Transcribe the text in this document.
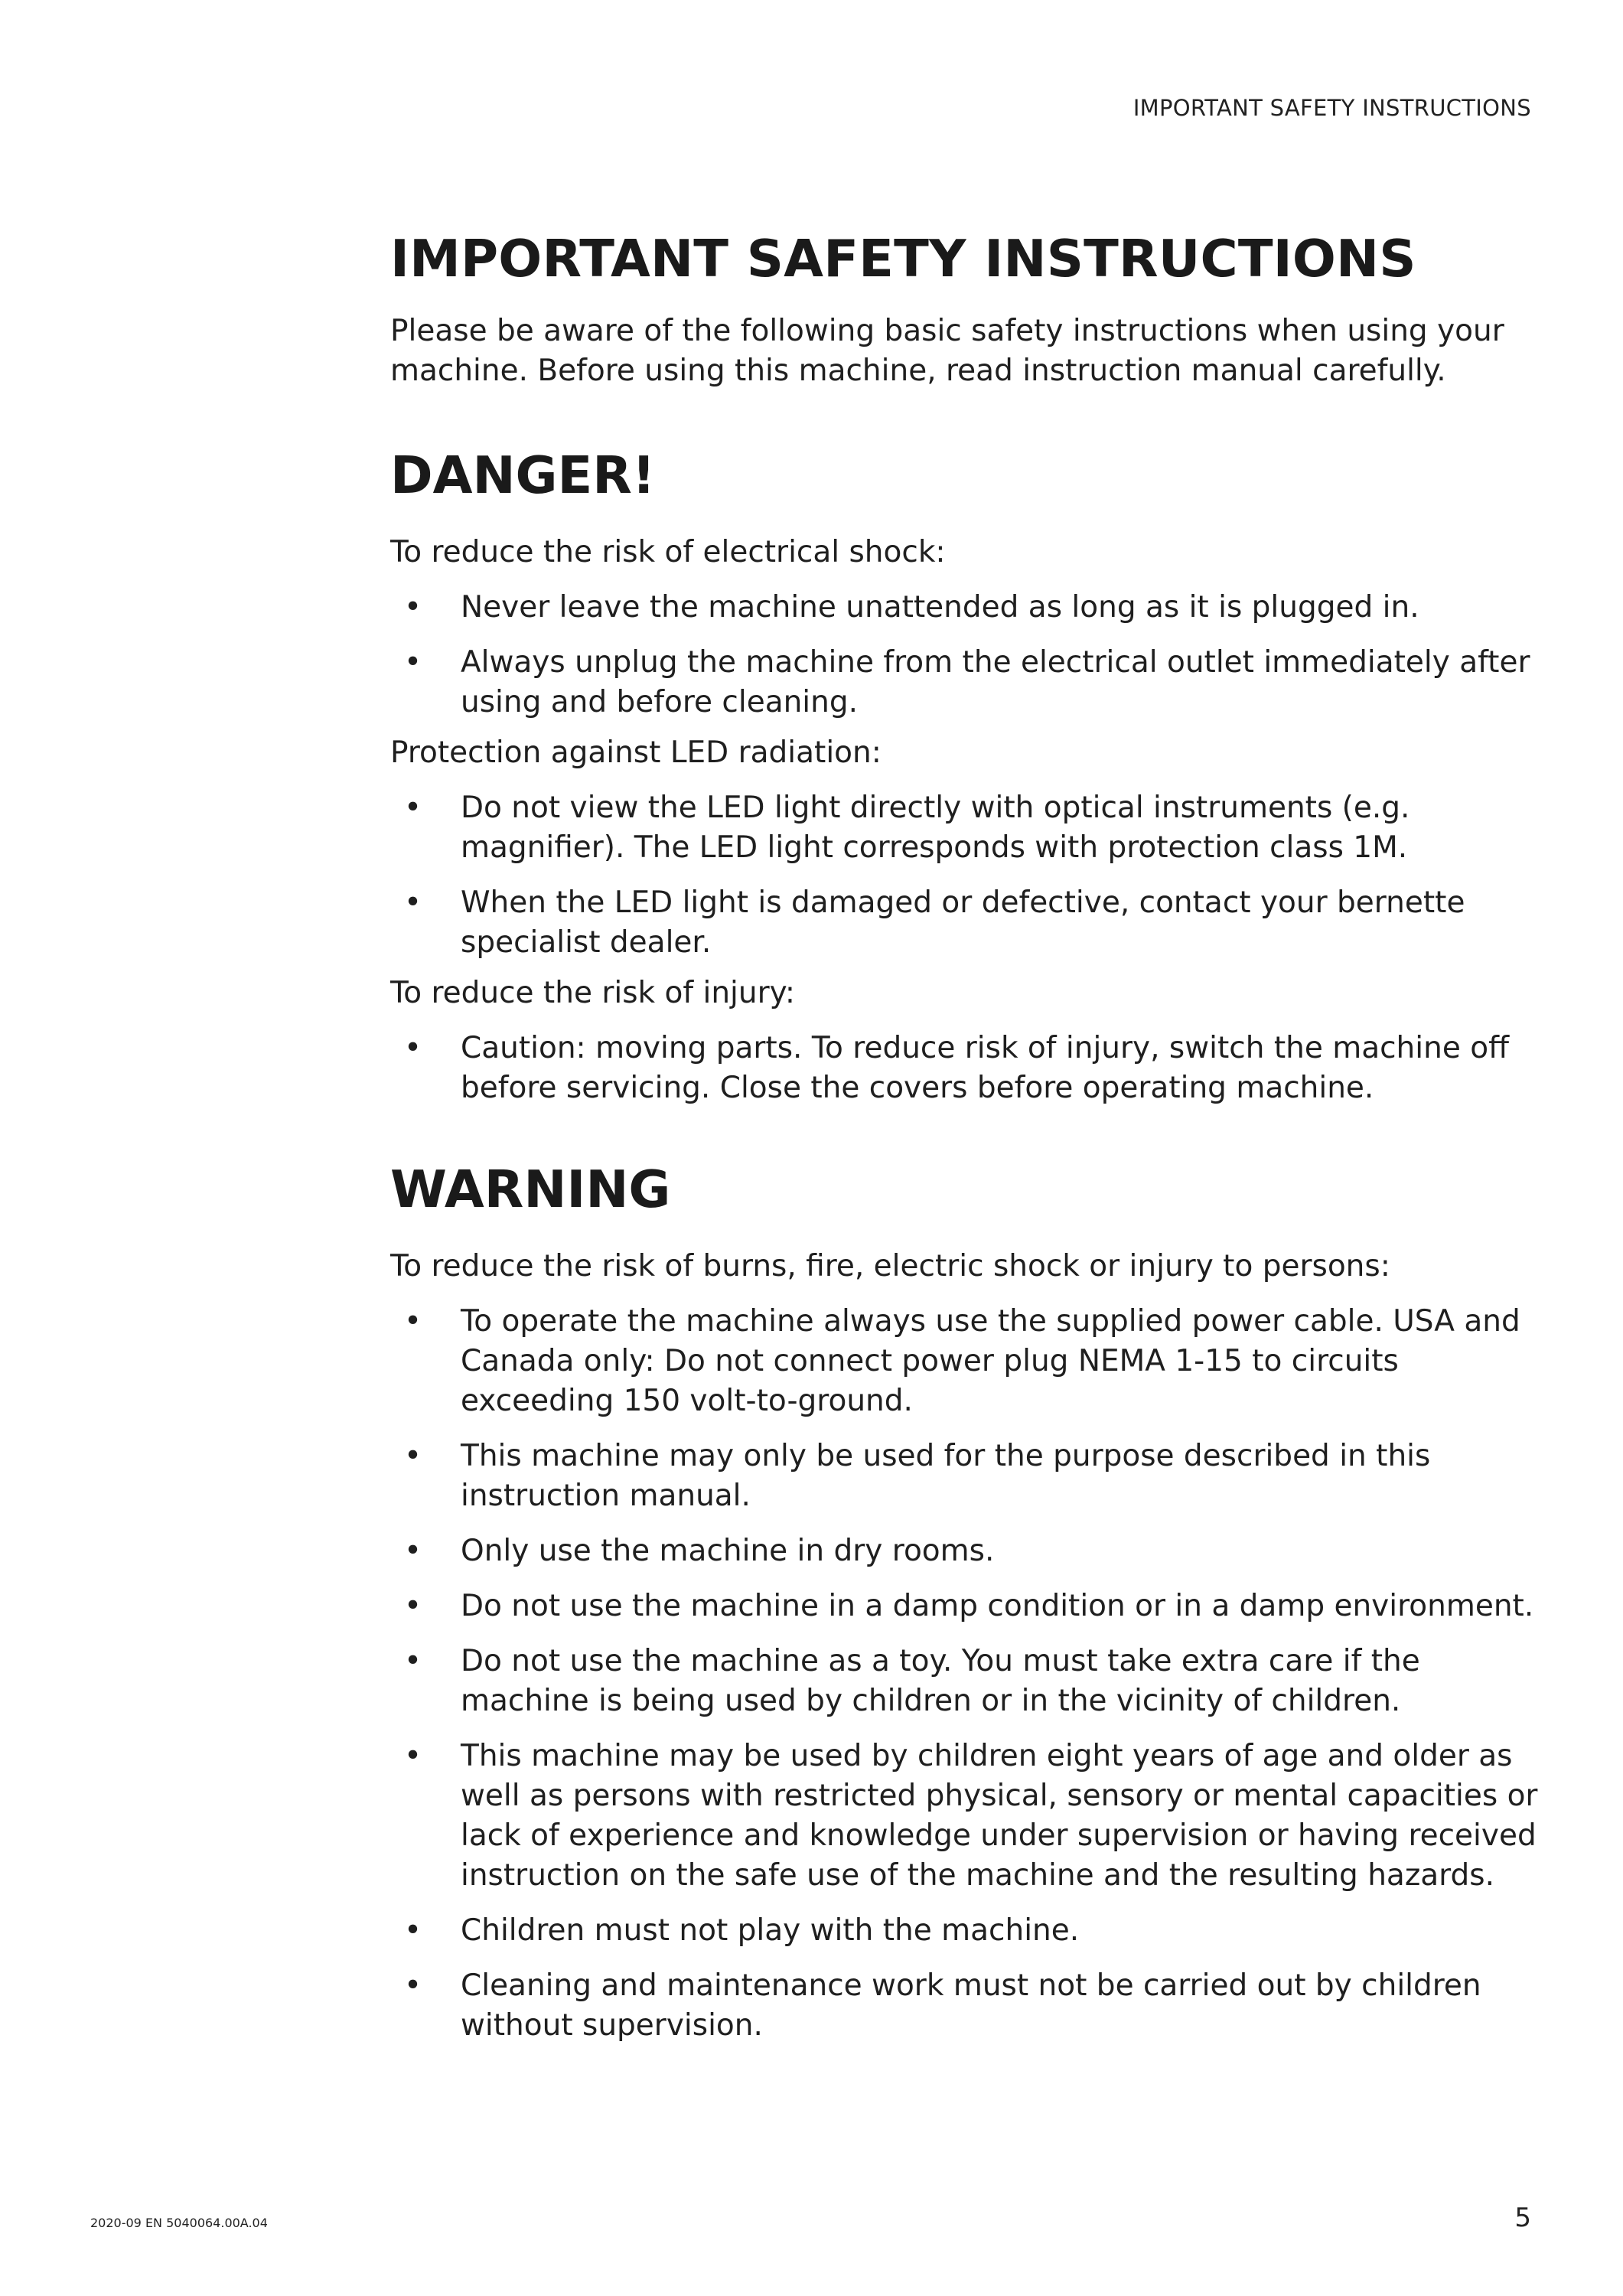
IMPORTANT SAFETY INSTRUCTIONS
IMPORTANT SAFETY INSTRUCTIONS

Please be aware of the following basic safety instructions when using your machine. Before using this machine, read instruction manual carefully.

DANGER!

To reduce the risk of electrical shock:

• Never leave the machine unattended as long as it is plugged in.
• Always unplug the machine from the electrical outlet immediately after using and before cleaning.

Protection against LED radiation:

• Do not view the LED light directly with optical instruments (e.g. magnifier). The LED light corresponds with protection class 1M.
• When the LED light is damaged or defective, contact your bernette specialist dealer.

To reduce the risk of injury:

• Caution: moving parts. To reduce risk of injury, switch the machine off before servicing. Close the covers before operating machine.
WARNING

To reduce the risk of burns, fire, electric shock or injury to persons:

• To operate the machine always use the supplied power cable. USA and Canada only: Do not connect power plug NEMA 1-15 to circuits exceeding 150 volt-to-ground.
• This machine may only be used for the purpose described in this instruction manual.
• Only use the machine in dry rooms.
• Do not use the machine in a damp condition or in a damp environment.
• Do not use the machine as a toy. You must take extra care if the machine is being used by children or in the vicinity of children.
• This machine may be used by children eight years of age and older as well as persons with restricted physical, sensory or mental capacities or lack of experience and knowledge under supervision or having received instruction on the safe use of the machine and the resulting hazards.
• Children must not play with the machine.
• Cleaning and maintenance work must not be carried out by children without supervision.
2020-09 EN 5040064.00A.04	5
